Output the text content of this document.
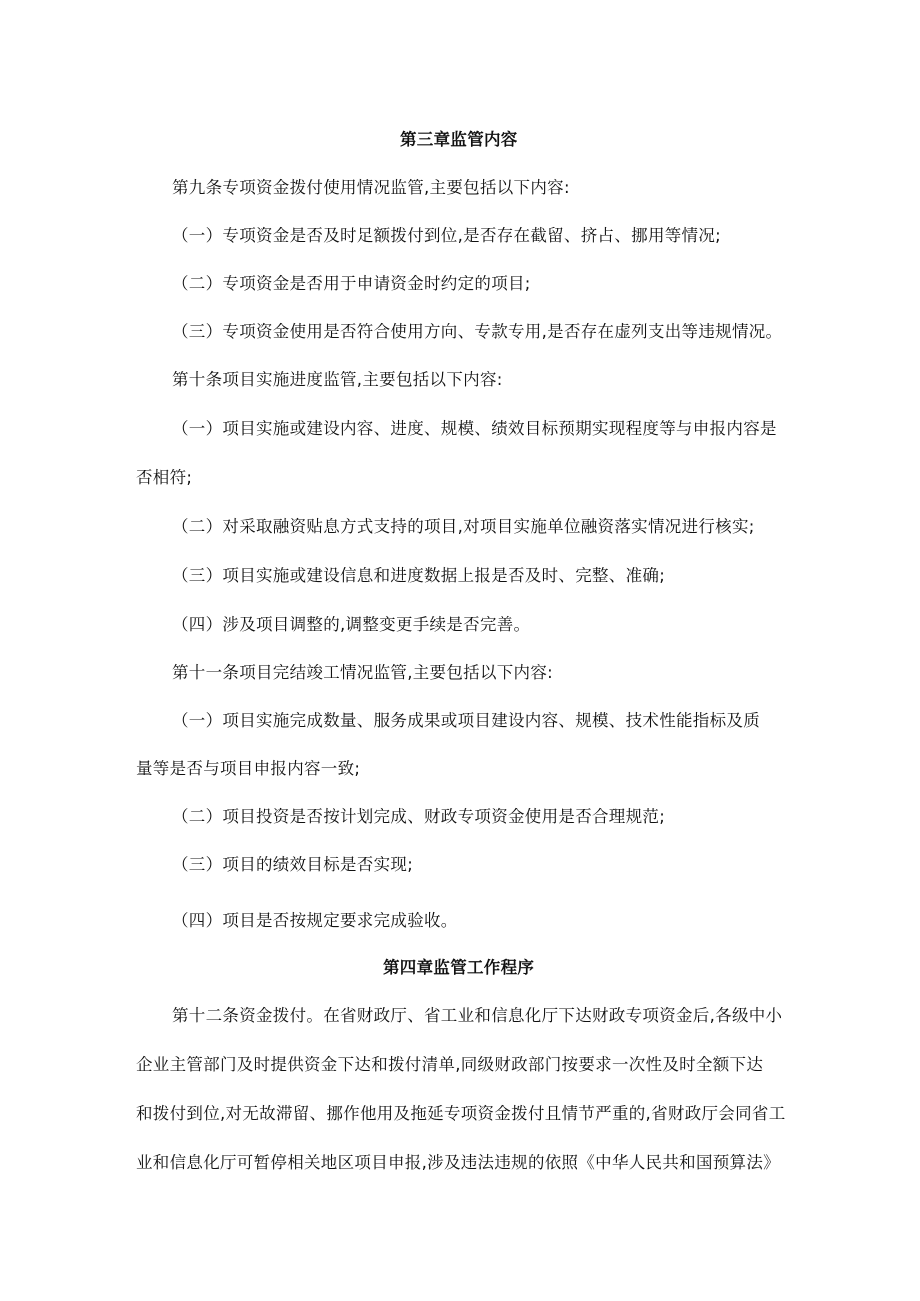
第三章监管内容
第九条专项资金拨付使用情况监管,主要包括以下内容:
（一）专项资金是否及时足额拨付到位,是否存在截留、挤占、挪用等情况;
（二）专项资金是否用于申请资金时约定的项目;
（三）专项资金使用是否符合使用方向、专款专用,是否存在虚列支出等违规情况。
第十条项目实施进度监管,主要包括以下内容:
（一）项目实施或建设内容、进度、规模、绩效目标预期实现程度等与申报内容是
否相符;
（二）对采取融资贴息方式支持的项目,对项目实施单位融资落实情况进行核实;
（三）项目实施或建设信息和进度数据上报是否及时、完整、准确;
（四）涉及项目调整的,调整变更手续是否完善。
第十一条项目完结竣工情况监管,主要包括以下内容:
（一）项目实施完成数量、服务成果或项目建设内容、规模、技术性能指标及质
量等是否与项目申报内容一致;
（二）项目投资是否按计划完成、财政专项资金使用是否合理规范;
（三）项目的绩效目标是否实现;
（四）项目是否按规定要求完成验收。
第四章监管工作程序
第十二条资金拨付。在省财政厅、省工业和信息化厅下达财政专项资金后,各级中小
企业主管部门及时提供资金下达和拨付清单,同级财政部门按要求一次性及时全额下达
和拨付到位,对无故滞留、挪作他用及拖延专项资金拨付且情节严重的,省财政厅会同省工
业和信息化厅可暂停相关地区项目申报,涉及违法违规的依照《中华人民共和国预算法》
